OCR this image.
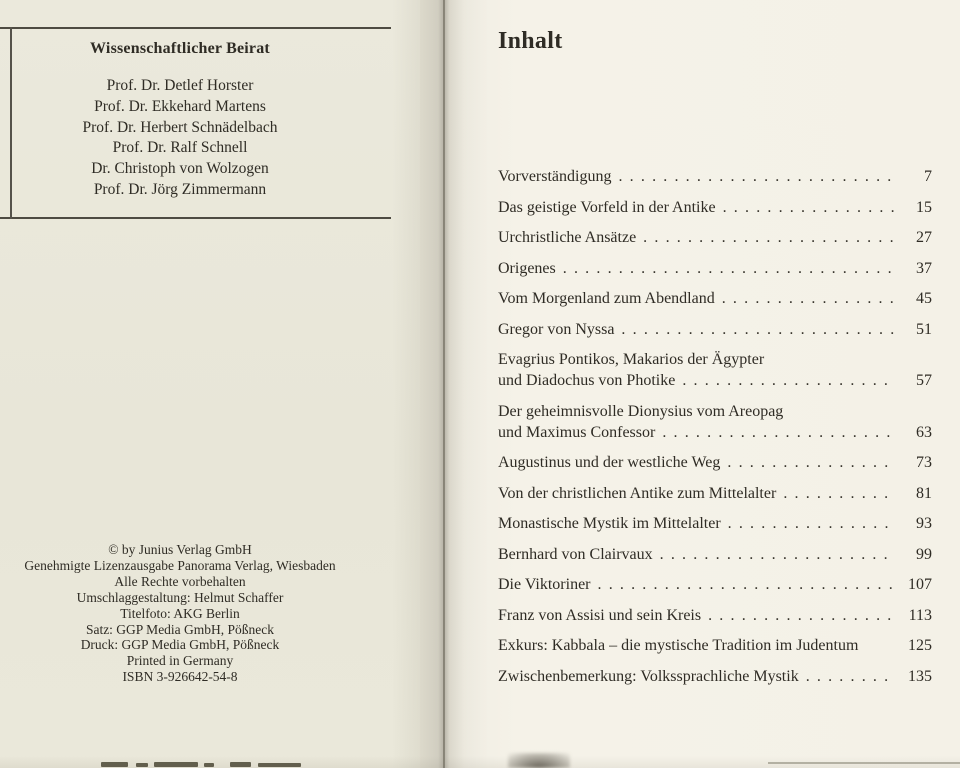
Wissenschaftlicher Beirat
Prof. Dr. Detlef Horster
Prof. Dr. Ekkehard Martens
Prof. Dr. Herbert Schnädelbach
Prof. Dr. Ralf Schnell
Dr. Christoph von Wolzogen
Prof. Dr. Jörg Zimmermann
© by Junius Verlag GmbH
Genehmigte Lizenzausgabe Panorama Verlag, Wiesbaden
Alle Rechte vorbehalten
Umschlaggestaltung: Helmut Schaffer
Titelfoto: AKG Berlin
Satz: GGP Media GmbH, Pößneck
Druck: GGP Media GmbH, Pößneck
Printed in Germany
ISBN 3-926642-54-8
Inhalt
Vorverständigung . . .	7
Das geistige Vorfeld in der Antike . . .	15
Urchristliche Ansätze . . .	27
Origenes . . .	37
Vom Morgenland zum Abendland . . .	45
Gregor von Nyssa . . .	51
Evagrius Pontikos, Makarios der Ägypter
und Diadochus von Photike . . .	57
Der geheimnisvolle Dionysius vom Areopag
und Maximus Confessor . . .	63
Augustinus und der westliche Weg . . .	73
Von der christlichen Antike zum Mittelalter . . .	81
Monastische Mystik im Mittelalter . . .	93
Bernhard von Clairvaux . . .	99
Die Viktoriner . . .	107
Franz von Assisi und sein Kreis . . .	113
Exkurs: Kabbala – die mystische Tradition im Judentum	125
Zwischenbemerkung: Volkssprachliche Mystik . . .	135
